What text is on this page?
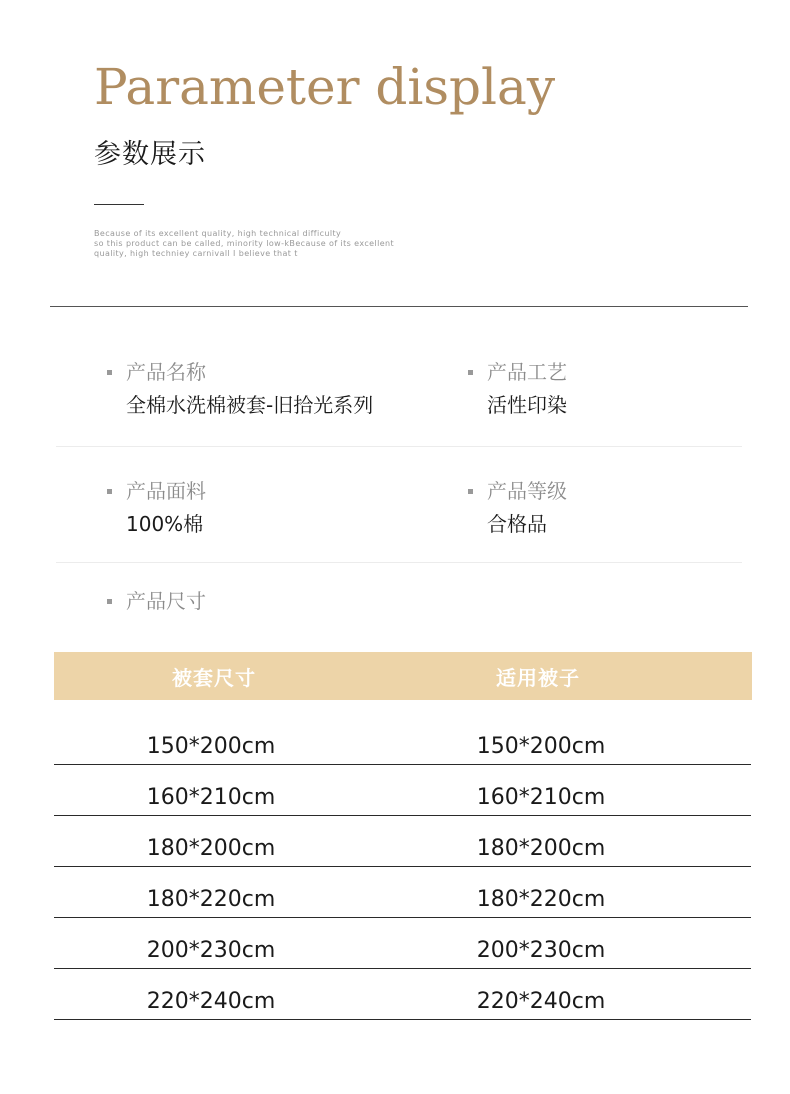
Parameter display
参数展示
Because of its excellent quality, high technical difficulty
so this product can be called, minority low-kBecause of its excellent
quality, high techniey carnivall I believe that t
产品名称
全棉水洗棉被套-旧拾光系列
产品工艺
活性印染
产品面料
100%棉
产品等级
合格品
产品尺寸
被套尺寸	适用被子
150*200cm	150*200cm
160*210cm	160*210cm
180*200cm	180*200cm
180*220cm	180*220cm
200*230cm	200*230cm
220*240cm	220*240cm
